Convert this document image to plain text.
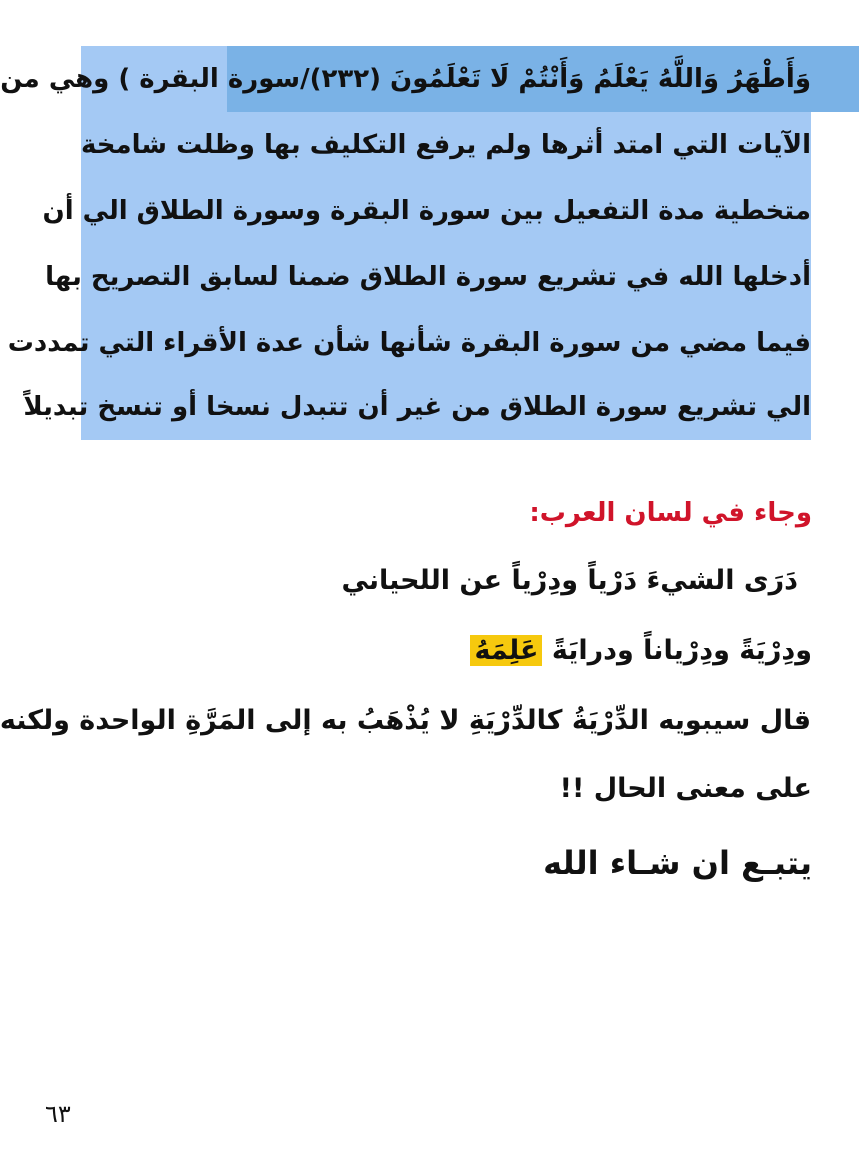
وَأَطْهَرُ وَاللَّهُ يَعْلَمُ وَأَنْتُمْ لَا تَعْلَمُونَ (٢٣٢)/سورة البقرة ) وهي من

الآيات التي امتد أثرها ولم يرفع التكليف بها وظلت شامخة

متخطية مدة التفعيل بين سورة البقرة وسورة الطلاق الي أن

أدخلها الله في تشريع سورة الطلاق ضمنا لسابق التصريح بها

فيما مضي من سورة البقرة شأنها شأن عدة الأقراء التي تمددت

الي تشريع سورة الطلاق من غير أن تتبدل نسخا أو تنسخ تبديلاً

وجاء في لسان العرب:

دَرَى الشيءَ دَرْياً ودِرْياً عن اللحياني

ودِرْيَةً ودِرْياناً ودرايَةً عَلِمَهُ

قال سيبويه الدِّرْيَةُ كالدِّرْيَةِ لا يُذْهَبُ به إلى المَرَّةِ الواحدة ولكنه

على معنى الحال !!

يتبـع ان شـاء الله

٦٣
